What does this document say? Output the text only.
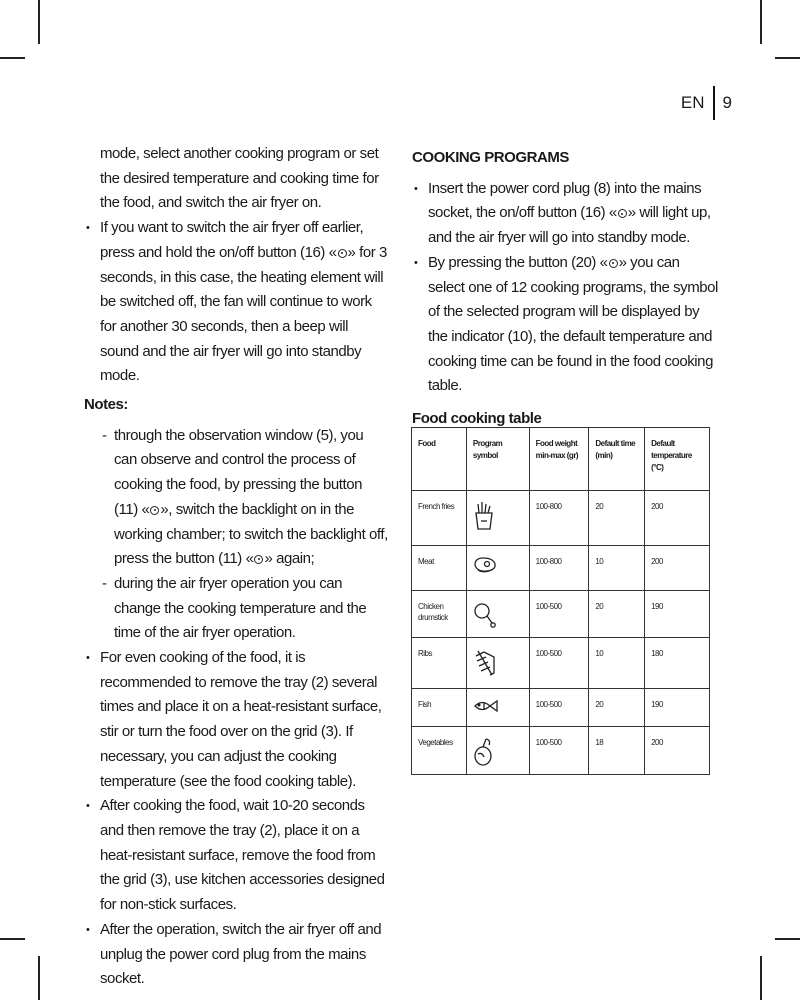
EN 9

mode, select another cooking program or set the desired temperature and cooking time for the food, and switch the air fryer on.

• If you want to switch the air fryer off earlier, press and hold the on/off button (16) « » for 3 seconds, in this case, the heating element will be switched off, the fan will continue to work for another 30 seconds, then a beep will sound and the air fryer will go into standby mode.

Notes:

- through the observation window (5), you can observe and control the process of cooking the food, by pressing the button (11) « », switch the backlight on in the working chamber; to switch the backlight off, press the button (11) « » again;

- during the air fryer operation you can change the cooking temperature and the time of the air fryer operation.

• For even cooking of the food, it is recommended to remove the tray (2) several times and place it on a heat-resistant surface, stir or turn the food over on the grid (3). If necessary, you can adjust the cooking temperature (see the food cooking table).

• After cooking the food, wait 10-20 seconds and then remove the tray (2), place it on a heat-resistant surface, remove the food from the grid (3), use kitchen accessories designed for non-stick surfaces.

• After the operation, switch the air fryer off and unplug the power cord plug from the mains socket.

COOKING PROGRAMS

• Insert the power cord plug (8) into the mains socket, the on/off button (16) « » will light up, and the air fryer will go into standby mode.

• By pressing the button (20) « » you can select one of 12 cooking programs, the symbol of the selected program will be displayed by the indicator (10), the default temperature and cooking time can be found in the food cooking table.

Food cooking table

Food	Program symbol	Food weight min-max (gr)	Default time (min)	Default temperature (°C)
French fries		100-800	20	200
Meat		100-800	10	200
Chicken drumstick		100-500	20	190
Ribs		100-500	10	180
Fish		100-500	20	190
Vegetables		100-500	18	200
